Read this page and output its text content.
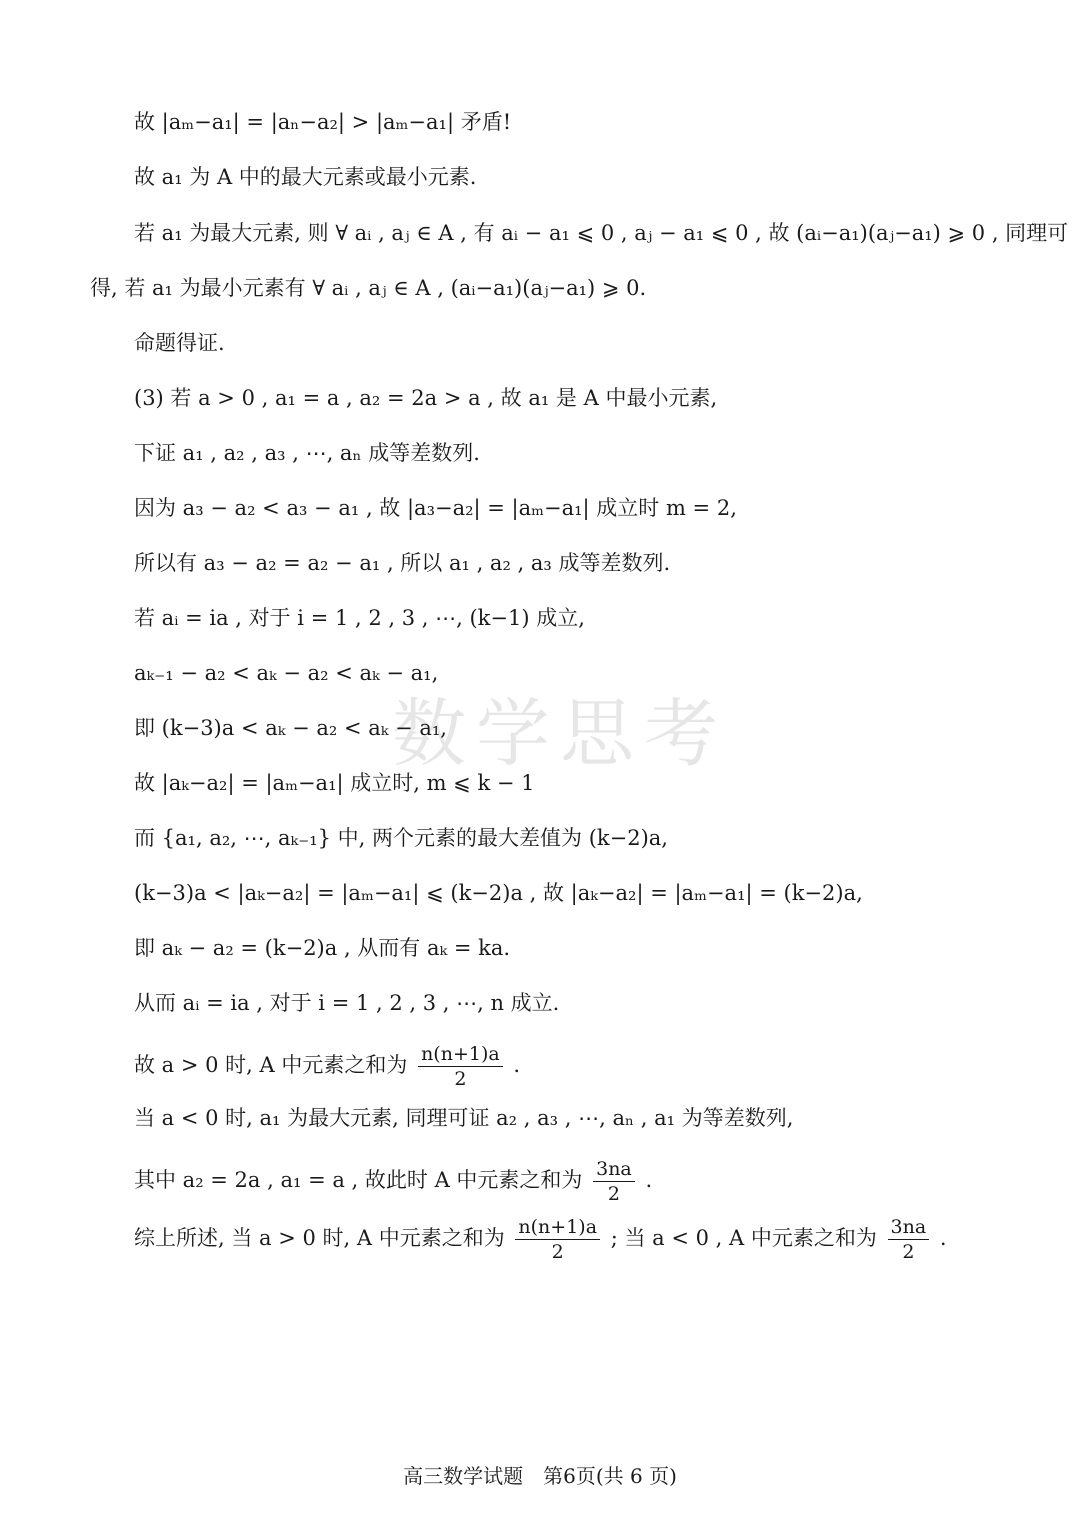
数学思考
故 |aₘ−a₁| = |aₙ−a₂| > |aₘ−a₁| 矛盾!
故 a₁ 为 A 中的最大元素或最小元素.
若 a₁ 为最大元素, 则 ∀ aᵢ , aⱼ ∈ A , 有 aᵢ − a₁ ⩽ 0 , aⱼ − a₁ ⩽ 0 , 故 (aᵢ−a₁)(aⱼ−a₁) ⩾ 0 , 同理可
得, 若 a₁ 为最小元素有 ∀ aᵢ , aⱼ ∈ A , (aᵢ−a₁)(aⱼ−a₁) ⩾ 0.
命题得证.
(3) 若 a > 0 , a₁ = a , a₂ = 2a > a , 故 a₁ 是 A 中最小元素,
下证 a₁ , a₂ , a₃ , ⋯, aₙ 成等差数列.
因为 a₃ − a₂ < a₃ − a₁ , 故 |a₃−a₂| = |aₘ−a₁| 成立时 m = 2,
所以有 a₃ − a₂ = a₂ − a₁ , 所以 a₁ , a₂ , a₃ 成等差数列.
若 aᵢ = ia , 对于 i = 1 , 2 , 3 , ⋯, (k−1) 成立,
aₖ₋₁ − a₂ < aₖ − a₂ < aₖ − a₁,
即 (k−3)a < aₖ − a₂ < aₖ − a₁,
故 |aₖ−a₂| = |aₘ−a₁| 成立时, m ⩽ k − 1
而 {a₁, a₂, ⋯, aₖ₋₁} 中, 两个元素的最大差值为 (k−2)a,
(k−3)a < |aₖ−a₂| = |aₘ−a₁| ⩽ (k−2)a , 故 |aₖ−a₂| = |aₘ−a₁| = (k−2)a,
即 aₖ − a₂ = (k−2)a , 从而有 aₖ = ka.
从而 aᵢ = ia , 对于 i = 1 , 2 , 3 , ⋯, n 成立.
故 a > 0 时, A 中元素之和为 $\frac{n(n+1)a}{2}$ .
当 a < 0 时, a₁ 为最大元素, 同理可证 a₂ , a₃ , ⋯, aₙ , a₁ 为等差数列,
其中 a₂ = 2a , a₁ = a , 故此时 A 中元素之和为 $\frac{3na}{2}$ .
综上所述, 当 a > 0 时, A 中元素之和为 $\frac{n(n+1)a}{2}$ ; 当 a < 0 , A 中元素之和为 $\frac{3na}{2}$ .
高三数学试题　第6页(共 6 页)
